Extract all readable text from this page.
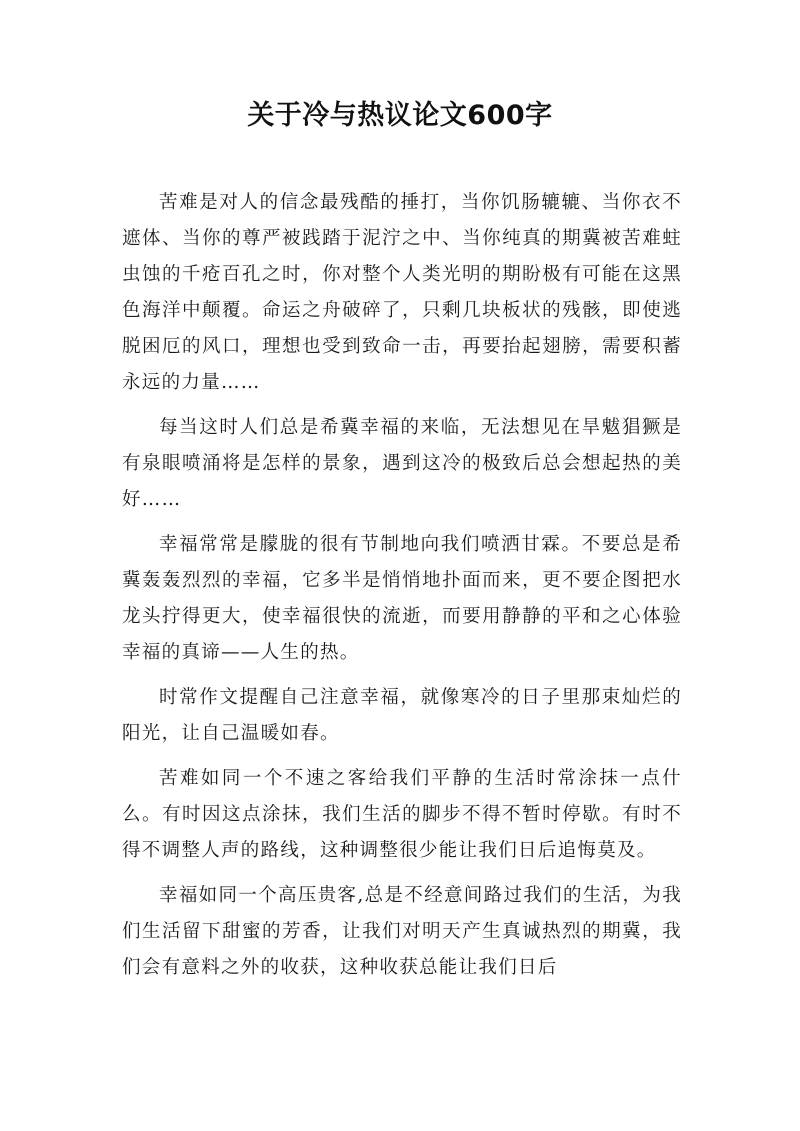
关于冷与热议论文600字

苦难是对人的信念最残酷的捶打，当你饥肠辘辘、当你衣不遮体、当你的尊严被践踏于泥泞之中、当你纯真的期冀被苦难蛀虫蚀的千疮百孔之时，你对整个人类光明的期盼极有可能在这黑色海洋中颠覆。命运之舟破碎了，只剩几块板状的残骸，即使逃脱困厄的风口，理想也受到致命一击，再要抬起翅膀，需要积蓄永远的力量……

每当这时人们总是希冀幸福的来临，无法想见在旱魃猖獗是有泉眼喷涌将是怎样的景象，遇到这冷的极致后总会想起热的美好……

幸福常常是朦胧的很有节制地向我们喷洒甘霖。不要总是希冀轰轰烈烈的幸福，它多半是悄悄地扑面而来，更不要企图把水龙头拧得更大，使幸福很快的流逝，而要用静静的平和之心体验幸福的真谛——人生的热。

时常作文提醒自己注意幸福，就像寒冷的日子里那束灿烂的阳光，让自己温暖如春。

苦难如同一个不速之客给我们平静的生活时常涂抹一点什么。有时因这点涂抹，我们生活的脚步不得不暂时停歇。有时不得不调整人声的路线，这种调整很少能让我们日后追悔莫及。

幸福如同一个高压贵客,总是不经意间路过我们的生活，为我们生活留下甜蜜的芳香，让我们对明天产生真诚热烈的期冀，我们会有意料之外的收获，这种收获总能让我们日后
